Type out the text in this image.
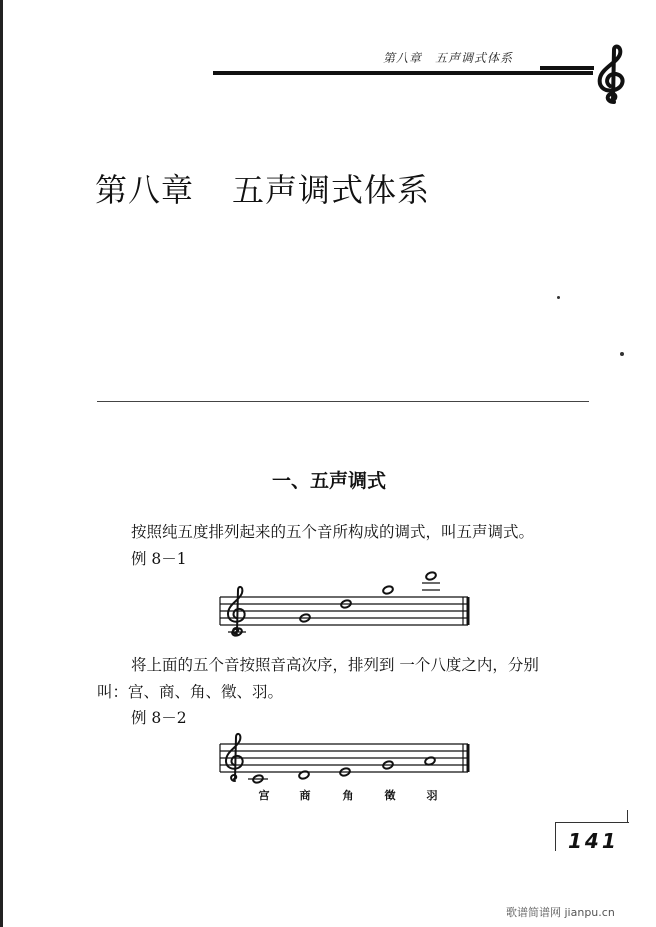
第八章　五声调式体系
第八章 五声调式体系
一、五声调式
按照纯五度排列起来的五个音所构成的调式，叫五声调式。
例 8－1
将上面的五个音按照音高次序，排列到 一个八度之内，分别
叫：宫、商、角、徵、羽。
例 8－2
宫	商	角	徵	羽
141
歌谱简谱网 jianpu.cn
